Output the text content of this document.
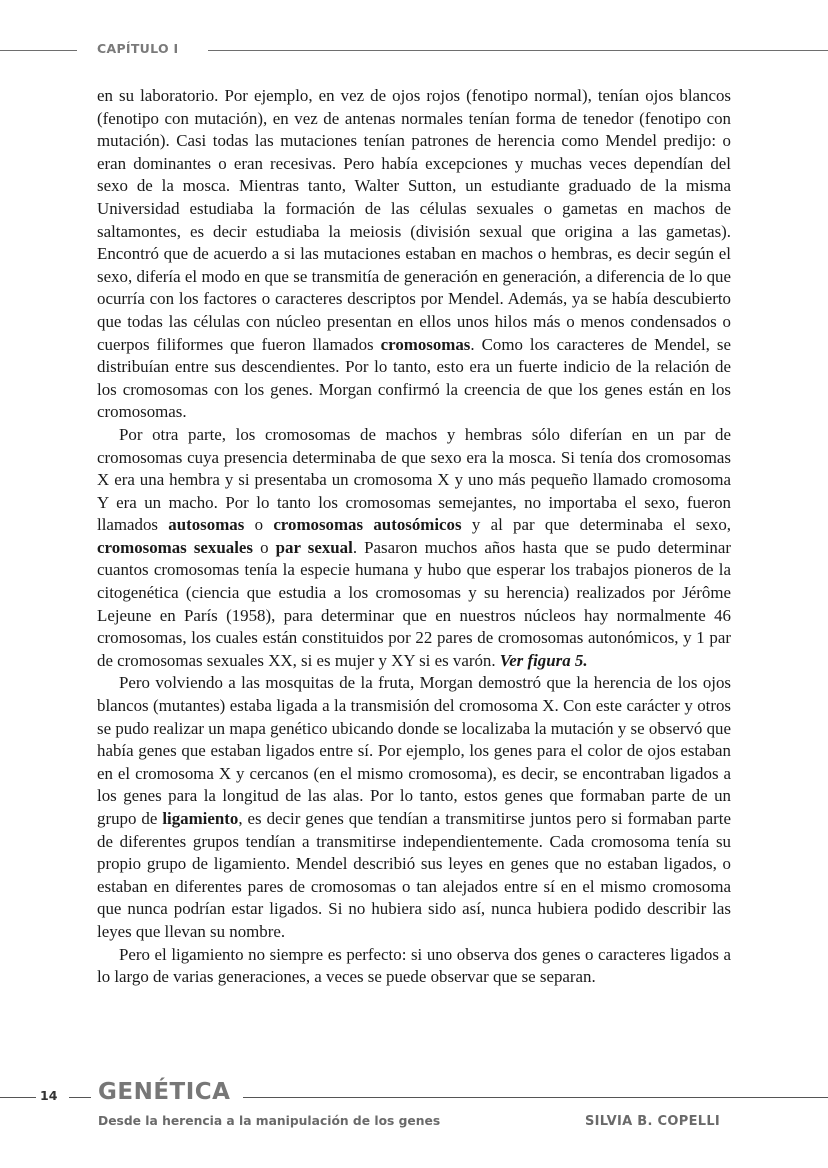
CAPÍTULO I

en su laboratorio. Por ejemplo, en vez de ojos rojos (fenotipo normal), tenían ojos blancos (fenotipo con mutación), en vez de antenas normales tenían forma de tenedor (fenotipo con mutación). Casi todas las mutaciones tenían patrones de herencia como Mendel predijo: o eran dominantes o eran recesivas. Pero había excepciones y muchas veces dependían del sexo de la mosca. Mientras tanto, Walter Sutton, un estudiante graduado de la misma Universidad estudiaba la formación de las células sexuales o gametas en machos de saltamontes, es decir estudiaba la meiosis (división sexual que origina a las gametas). Encontró que de acuerdo a si las mutaciones estaban en machos o hembras, es decir según el sexo, difería el modo en que se transmitía de generación en generación, a diferencia de lo que ocurría con los factores o caracteres descriptos por Mendel. Además, ya se había descubierto que todas las células con núcleo presentan en ellos unos hilos más o menos condensados o cuerpos filiformes que fueron llamados cromosomas. Como los caracteres de Mendel, se distribuían entre sus descendientes. Por lo tanto, esto era un fuerte indicio de la relación de los cromosomas con los genes. Morgan confirmó la creencia de que los genes están en los cromosomas.

Por otra parte, los cromosomas de machos y hembras sólo diferían en un par de cromosomas cuya presencia determinaba de que sexo era la mosca. Si tenía dos cromosomas X era una hembra y si presentaba un cromosoma X y uno más pequeño llamado cromosoma Y era un macho. Por lo tanto los cromosomas semejantes, no importaba el sexo, fueron llamados autosomas o cromosomas autosómicos y al par que determinaba el sexo, cromosomas sexuales o par sexual. Pasaron muchos años hasta que se pudo determinar cuantos cromosomas tenía la especie humana y hubo que esperar los trabajos pioneros de la citogenética (ciencia que estudia a los cromosomas y su herencia) realizados por Jérôme Lejeune en París (1958), para determinar que en nuestros núcleos hay normalmente 46 cromosomas, los cuales están constituidos por 22 pares de cromosomas autonómicos, y 1 par de cromosomas sexuales XX, si es mujer y XY si es varón. Ver figura 5.

Pero volviendo a las mosquitas de la fruta, Morgan demostró que la herencia de los ojos blancos (mutantes) estaba ligada a la transmisión del cromosoma X. Con este carácter y otros se pudo realizar un mapa genético ubicando donde se localizaba la mutación y se observó que había genes que estaban ligados entre sí. Por ejemplo, los genes para el color de ojos estaban en el cromosoma X y cercanos (en el mismo cromosoma), es decir, se encontraban ligados a los genes para la longitud de las alas. Por lo tanto, estos genes que formaban parte de un grupo de ligamiento, es decir genes que tendían a transmitirse juntos pero si formaban parte de diferentes grupos tendían a transmitirse independientemente. Cada cromosoma tenía su propio grupo de ligamiento. Mendel describió sus leyes en genes que no estaban ligados, o estaban en diferentes pares de cromosomas o tan alejados entre sí en el mismo cromosoma que nunca podrían estar ligados. Si no hubiera sido así, nunca hubiera podido describir las leyes que llevan su nombre.

Pero el ligamiento no siempre es perfecto: si uno observa dos genes o caracteres ligados a lo largo de varias generaciones, a veces se puede observar que se separan.

14 GENÉTICA
Desde la herencia a la manipulación de los genes	SILVIA B. COPELLI
